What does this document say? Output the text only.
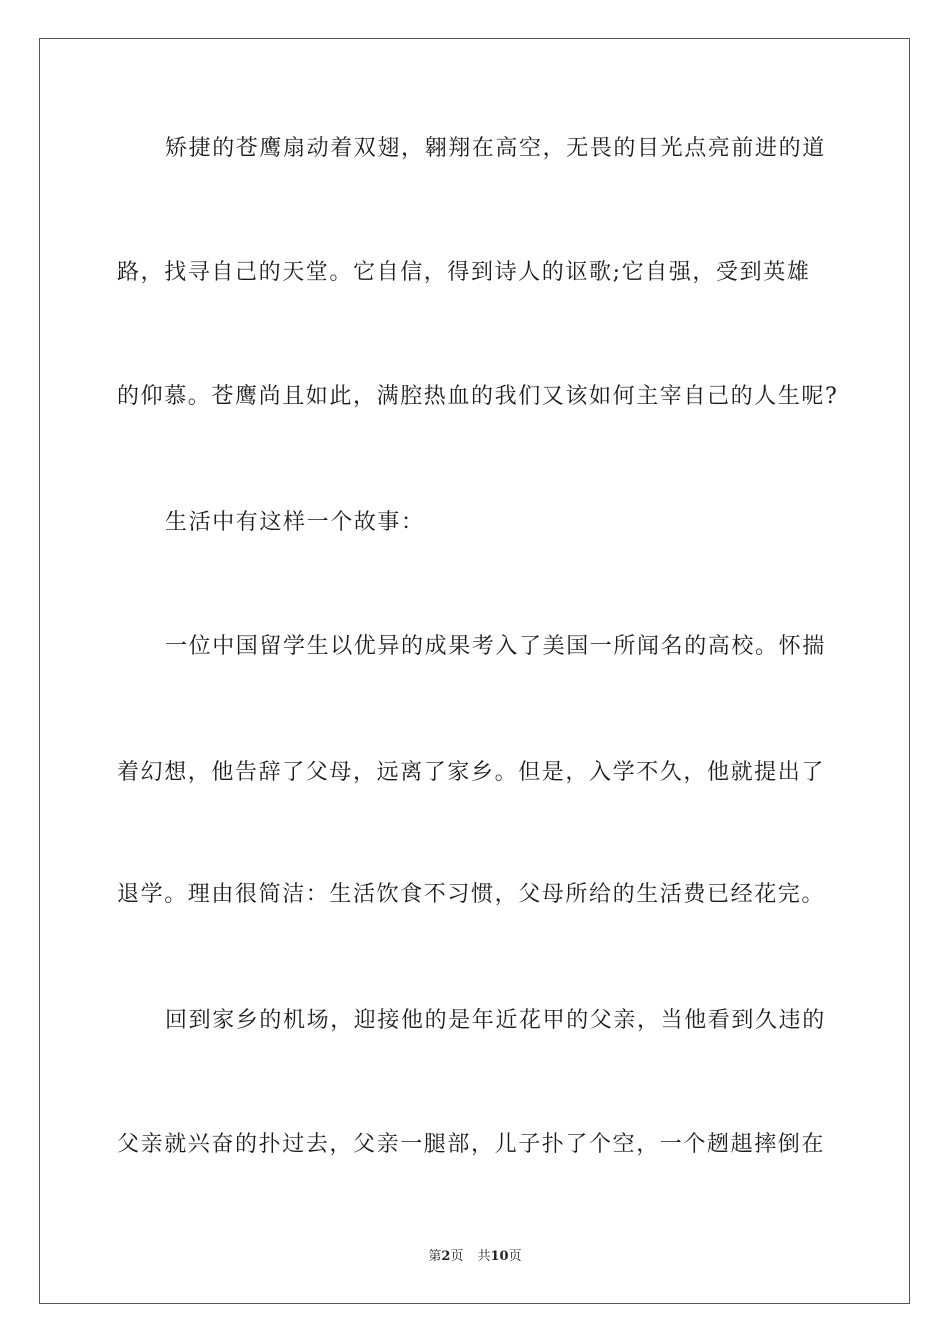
矫捷的苍鹰扇动着双翅，翱翔在高空，无畏的目光点亮前进的道
路，找寻自己的天堂。它自信，得到诗人的讴歌;它自强，受到英雄
的仰慕。苍鹰尚且如此，满腔热血的我们又该如何主宰自己的人生呢?
生活中有这样一个故事：
一位中国留学生以优异的成果考入了美国一所闻名的高校。怀揣
着幻想，他告辞了父母，远离了家乡。但是，入学不久，他就提出了
退学。理由很简洁：生活饮食不习惯，父母所给的生活费已经花完。
回到家乡的机场，迎接他的是年近花甲的父亲，当他看到久违的
父亲就兴奋的扑过去，父亲一腿部，儿子扑了个空，一个趔趄摔倒在
第2页 共10页
